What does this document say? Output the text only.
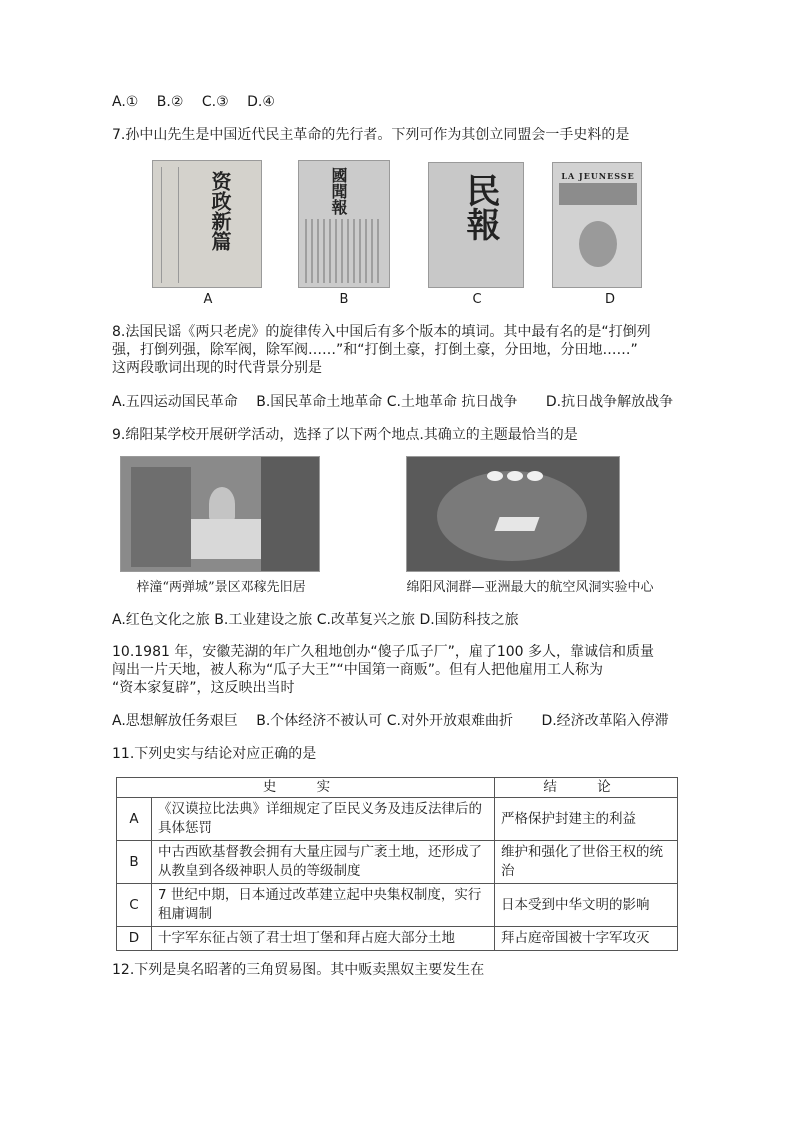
A.① B.② C.③ D.④
7.孙中山先生是中国近代民主革命的先行者。下列可作为其创立同盟会一手史料的是
资政新篇
A
國聞報
B
民報
C
LA JEUNESSE
D
8.法国民谣《两只老虎》的旋律传入中国后有多个版本的填词。其中最有名的是“打倒列
强，打倒列强，除军阀，除军阀……”和“打倒土豪，打倒土豪，分田地，分田地……”
这两段歌词出现的时代背景分别是
A.五四运动国民革命 B.国民革命土地革命 C.土地革命 抗日战争 D.抗日战争解放战争
9.绵阳某学校开展研学活动，选择了以下两个地点.其确立的主题最恰当的是
梓潼“两弹城”景区邓稼先旧居	绵阳风洞群—亚洲最大的航空风洞实验中心
A.红色文化之旅 B.工业建设之旅 C.改革复兴之旅 D.国防科技之旅
10.1981 年，安徽芜湖的年广久租地创办“傻子瓜子厂”，雇了100 多人，靠诚信和质量
闯出一片天地，被人称为“瓜子大王”“中国第一商贩”。但有人把他雇用工人称为
“资本家复辟”，这反映出当时
A.思想解放任务艰巨 B.个体经济不被认可 C.对外开放艰难曲折 D.经济改革陷入停滞
11.下列史实与结论对应正确的是
史 实		结 论
A	《汉谟拉比法典》详细规定了臣民义务及违反法律后的具体惩罚	严格保护封建主的利益
B	中古西欧基督教会拥有大量庄园与广袤土地，还形成了从教皇到各级神职人员的等级制度	维护和强化了世俗王权的统治
C	7 世纪中期，日本通过改革建立起中央集权制度，实行租庸调制	日本受到中华文明的影响
D	十字军东征占领了君士坦丁堡和拜占庭大部分土地	拜占庭帝国被十字军攻灭
12.下列是臭名昭著的三角贸易图。其中贩卖黑奴主要发生在
